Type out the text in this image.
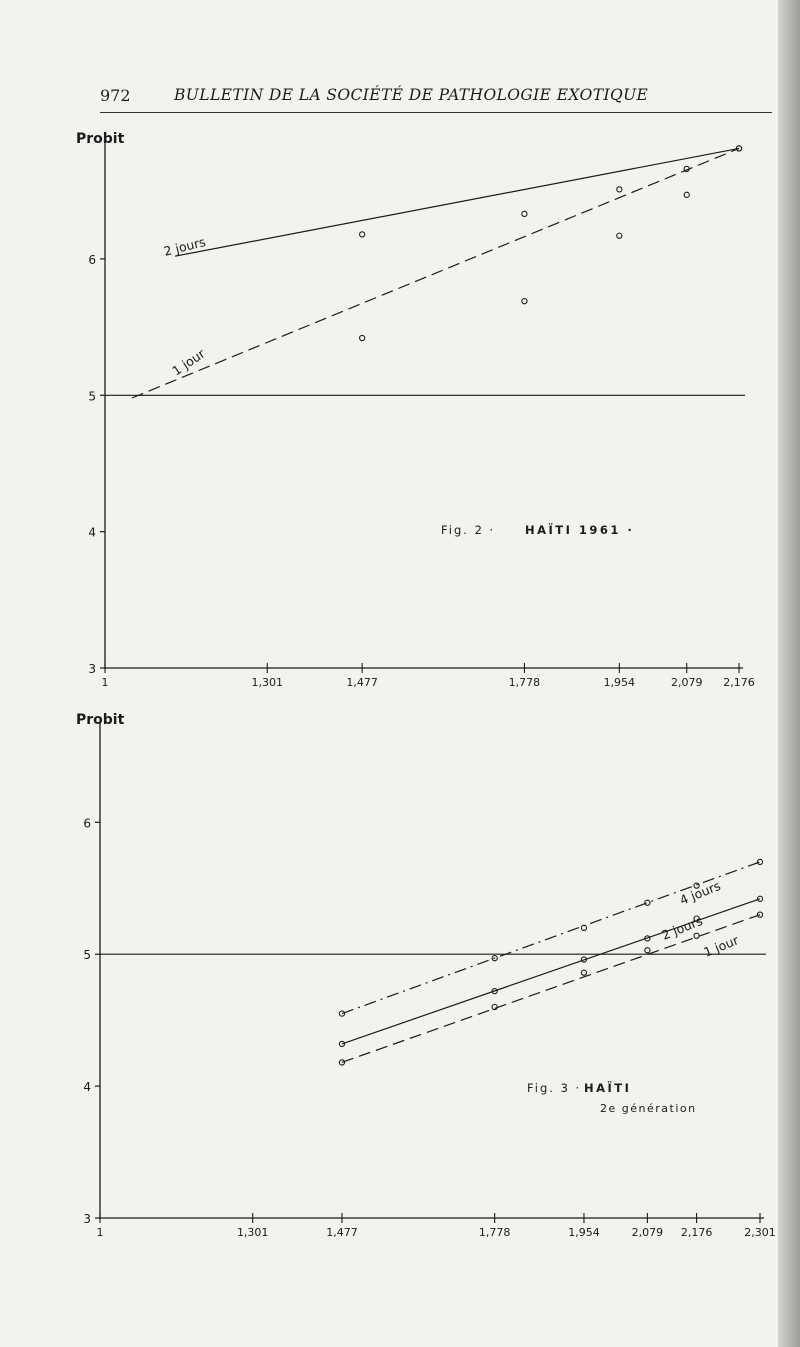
972	BULLETIN DE LA SOCIÉTÉ DE PATHOLOGIE EXOTIQUE
Probit
3
4
5
6
1	1,301	1,477	1,778	1,954	2,079 2,176
2 jours
1 jour
Fig. 2 ·	HAÏTI 1961 ·
Probit
3
4
5
6
1	1,301	1,477	1,778	1,954	2,079 2,176	2,301
4 jours
2 jours
1 jour
Fig. 3 · HAÏTI
2e génération
